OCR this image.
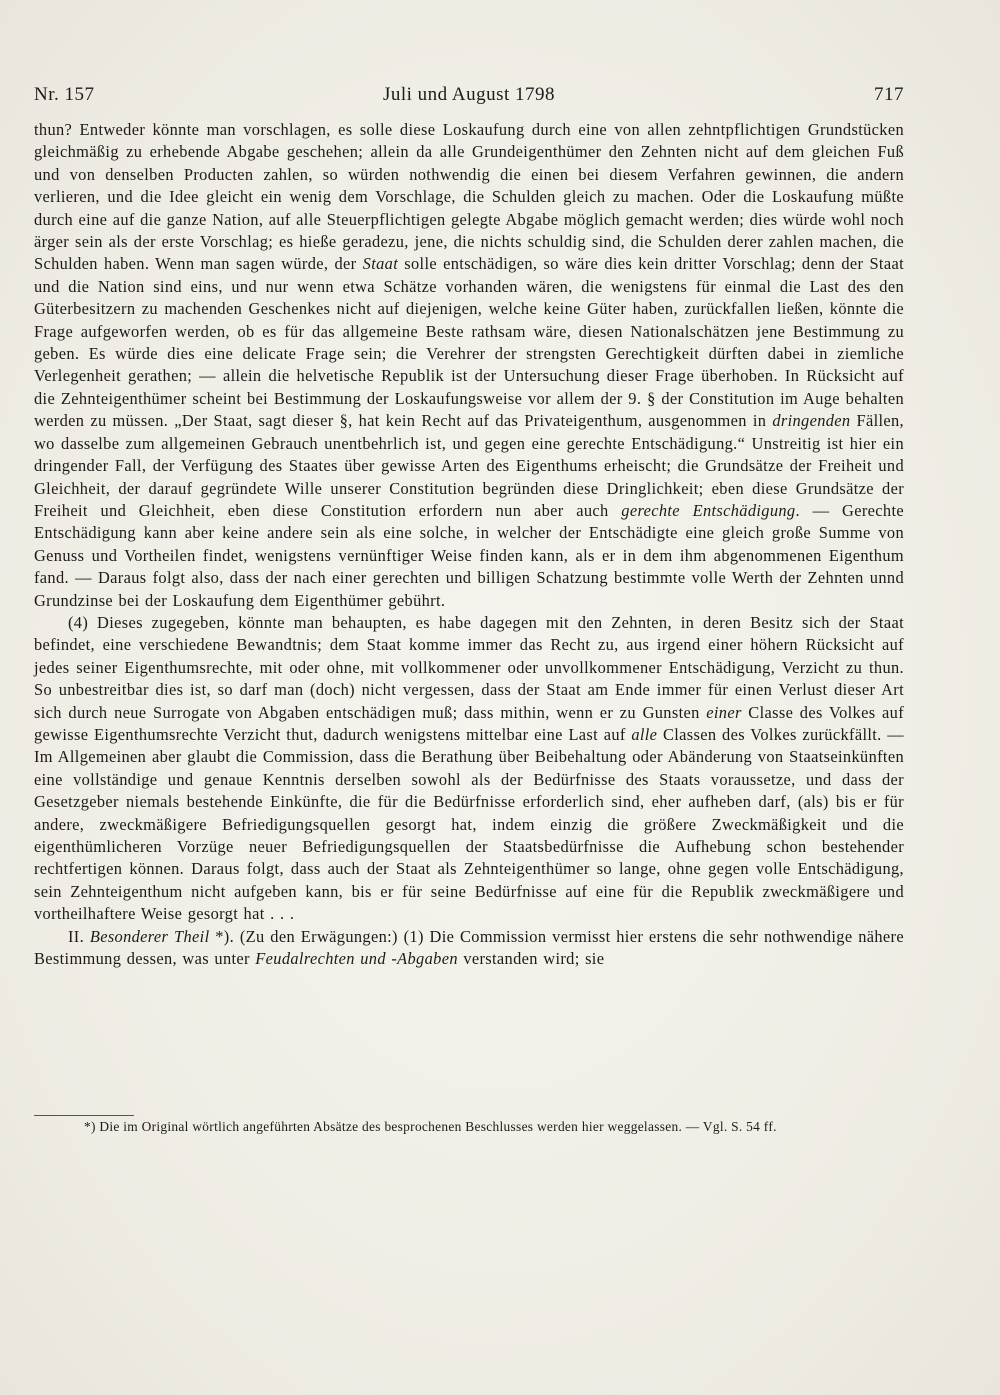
Nr. 157	Juli und August 1798	717

thun? Entweder könnte man vorschlagen, es solle diese Loskaufung durch eine von allen zehntpflichtigen Grundstücken gleichmäßig zu erhebende Abgabe geschehen; allein da alle Grundeigenthümer den Zehnten nicht auf dem gleichen Fuß und von denselben Producten zahlen, so würden nothwendig die einen bei diesem Verfahren gewinnen, die andern verlieren, und die Idee gleicht ein wenig dem Vorschlage, die Schulden gleich zu machen. Oder die Loskaufung müßte durch eine auf die ganze Nation, auf alle Steuerpflichtigen gelegte Abgabe möglich gemacht werden; dies würde wohl noch ärger sein als der erste Vorschlag; es hieße geradezu, jene, die nichts schuldig sind, die Schulden derer zahlen machen, die Schulden haben. Wenn man sagen würde, der Staat solle entschädigen, so wäre dies kein dritter Vorschlag; denn der Staat und die Nation sind eins, und nur wenn etwa Schätze vorhanden wären, die wenigstens für einmal die Last des den Güterbesitzern zu machenden Geschenkes nicht auf diejenigen, welche keine Güter haben, zurückfallen ließen, könnte die Frage aufgeworfen werden, ob es für das allgemeine Beste rathsam wäre, diesen Nationalschätzen jene Bestimmung zu geben. Es würde dies eine delicate Frage sein; die Verehrer der strengsten Gerechtigkeit dürften dabei in ziemliche Verlegenheit gerathen; — allein die helvetische Republik ist der Untersuchung dieser Frage überhoben. In Rücksicht auf die Zehnteigenthümer scheint bei Bestimmung der Loskaufungsweise vor allem der 9. § der Constitution im Auge behalten werden zu müssen. „Der Staat, sagt dieser §, hat kein Recht auf das Privateigenthum, ausgenommen in dringenden Fällen, wo dasselbe zum allgemeinen Gebrauch unentbehrlich ist, und gegen eine gerechte Entschädigung.“ Unstreitig ist hier ein dringender Fall, der Verfügung des Staates über gewisse Arten des Eigenthums erheischt; die Grundsätze der Freiheit und Gleichheit, der darauf gegründete Wille unserer Constitution begründen diese Dringlichkeit; eben diese Grundsätze der Freiheit und Gleichheit, eben diese Constitution erfordern nun aber auch gerechte Entschädigung. — Gerechte Entschädigung kann aber keine andere sein als eine solche, in welcher der Entschädigte eine gleich große Summe von Genuss und Vortheilen findet, wenigstens vernünftiger Weise finden kann, als er in dem ihm abgenommenen Eigenthum fand. — Daraus folgt also, dass der nach einer gerechten und billigen Schatzung bestimmte volle Werth der Zehnten unnd Grundzinse bei der Loskaufung dem Eigenthümer gebührt.

(4) Dieses zugegeben, könnte man behaupten, es habe dagegen mit den Zehnten, in deren Besitz sich der Staat befindet, eine verschiedene Bewandtnis; dem Staat komme immer das Recht zu, aus irgend einer höhern Rücksicht auf jedes seiner Eigenthumsrechte, mit oder ohne, mit vollkommener oder unvollkommener Entschädigung, Verzicht zu thun. So unbestreitbar dies ist, so darf man (doch) nicht vergessen, dass der Staat am Ende immer für einen Verlust dieser Art sich durch neue Surrogate von Abgaben entschädigen muß; dass mithin, wenn er zu Gunsten einer Classe des Volkes auf gewisse Eigenthumsrechte Verzicht thut, dadurch wenigstens mittelbar eine Last auf alle Classen des Volkes zurückfällt. — Im Allgemeinen aber glaubt die Commission, dass die Berathung über Beibehaltung oder Abänderung von Staatseinkünften eine vollständige und genaue Kenntnis derselben sowohl als der Bedürfnisse des Staats voraussetze, und dass der Gesetzgeber niemals bestehende Einkünfte, die für die Bedürfnisse erforderlich sind, eher aufheben darf, (als) bis er für andere, zweckmäßigere Befriedigungsquellen gesorgt hat, indem einzig die größere Zweckmäßigkeit und die eigenthümlicheren Vorzüge neuer Befriedigungsquellen der Staatsbedürfnisse die Aufhebung schon bestehender rechtfertigen können. Daraus folgt, dass auch der Staat als Zehnteigenthümer so lange, ohne gegen volle Entschädigung, sein Zehnteigenthum nicht aufgeben kann, bis er für seine Bedürfnisse auf eine für die Republik zweckmäßigere und vortheilhaftere Weise gesorgt hat . . .

II. Besonderer Theil *). (Zu den Erwägungen:) (1) Die Commission vermisst hier erstens die sehr nothwendige nähere Bestimmung dessen, was unter Feudalrechten und -Abgaben verstanden wird; sie

*) Die im Original wörtlich angeführten Absätze des besprochenen Beschlusses werden hier weggelassen. — Vgl. S. 54 ff.
